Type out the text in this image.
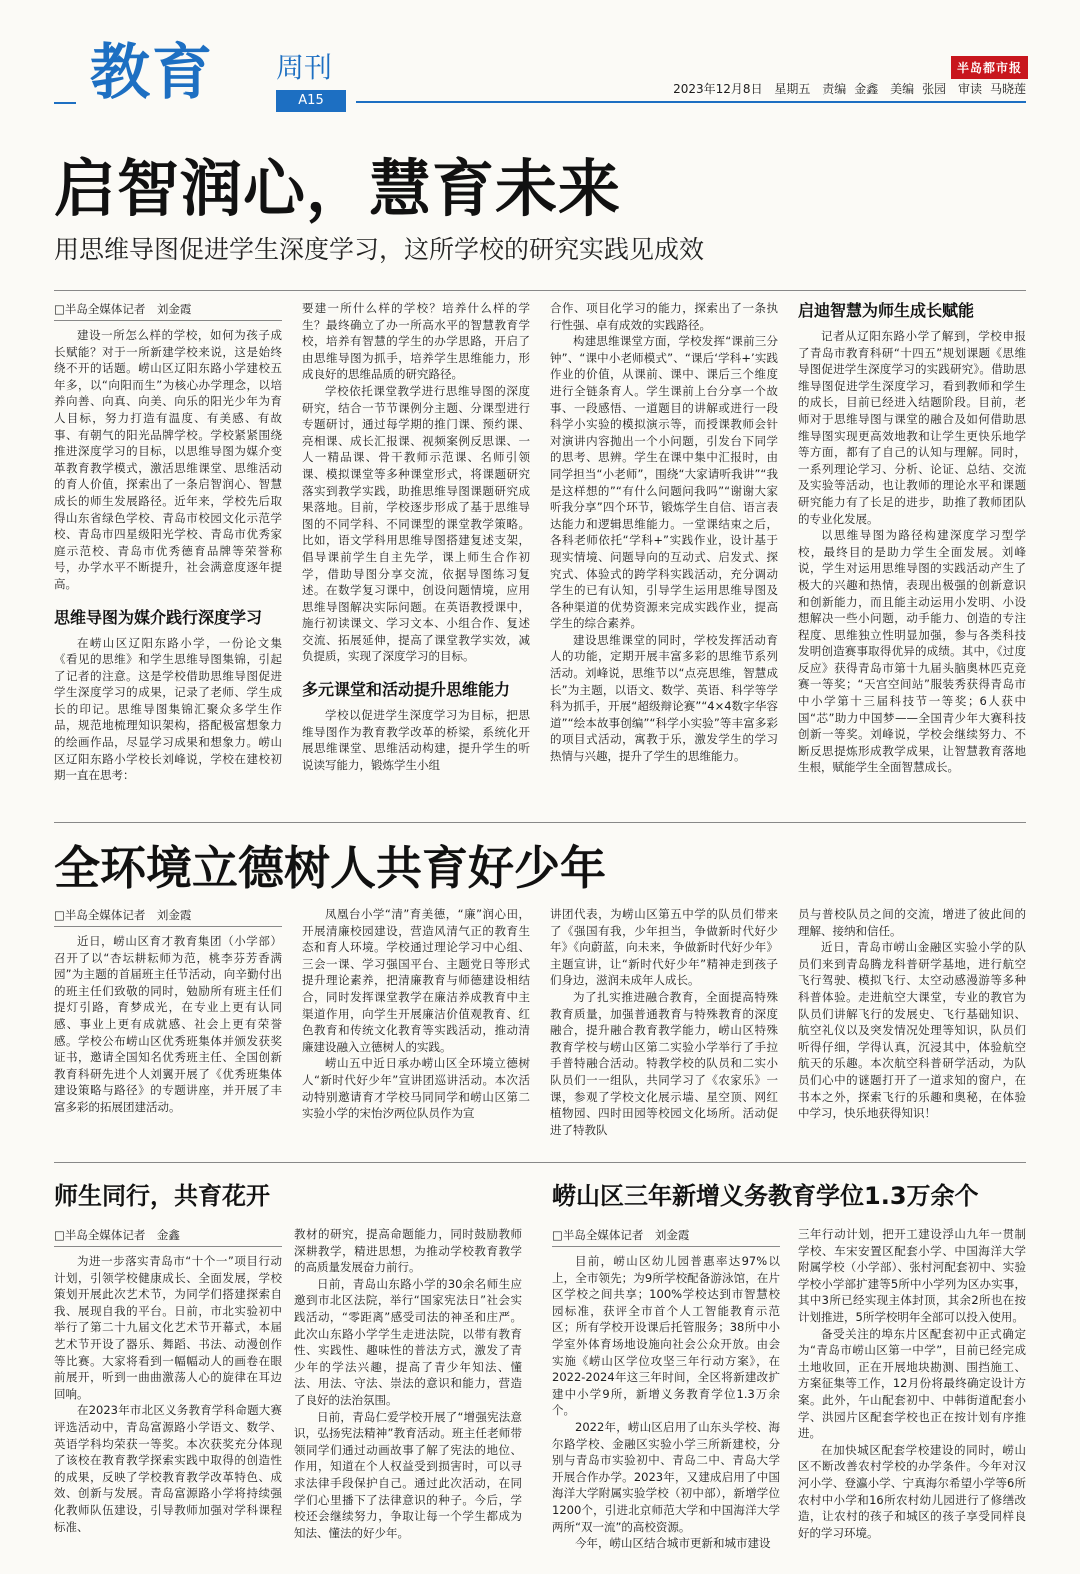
教育 周刊
A15
半岛都市报
2023年12月8日 星期五 责编 金鑫 美编 张园 审读 马晓莲
启智润心，慧育未来
用思维导图促进学生深度学习，这所学校的研究实践见成效
□半岛全媒体记者　刘金霞

建设一所怎么样的学校，如何为孩子成长赋能？对于一所新建学校来说，这是始终绕不开的话题。崂山区辽阳东路小学建校五年多，以“向阳而生”为核心办学理念，以培养向善、向真、向美、向乐的阳光少年为育人目标，努力打造有温度、有美感、有故事、有朝气的阳光品牌学校。学校紧紧围绕推进深度学习的目标，以思维导图为媒介变革教育教学模式，激活思维课堂、思维活动的育人价值，探索出了一条启智润心、智慧成长的师生发展路径。近年来，学校先后取得山东省绿色学校、青岛市校园文化示范学校、青岛市四星级阳光学校、青岛市优秀家庭示范校、青岛市优秀德育品牌等荣誉称号，办学水平不断提升，社会满意度逐年提高。

思维导图为媒介践行深度学习

在崂山区辽阳东路小学，一份论文集《看见的思维》和学生思维导图集锦，引起了记者的注意。这是学校借助思维导图促进学生深度学习的成果，记录了老师、学生成长的印记。思维导图集锦汇聚众多学生作品，规范地梳理知识架构，搭配极富想象力的绘画作品，尽显学习成果和想象力。崂山区辽阳东路小学校长刘峰说，学校在建校初期一直在思考：

要建一所什么样的学校？培养什么样的学生？最终确立了办一所高水平的智慧教育学校，培养有智慧的学生的办学思路，开启了由思维导图为抓手，培养学生思维能力，形成良好的思维品质的研究路径。

学校依托课堂教学进行思维导图的深度研究，结合一节节课例分主题、分课型进行专题研讨，通过每学期的推门课、预约课、亮相课、成长汇报课、视频案例反思课、一人一精品课、骨干教师示范课、名师引领课、模拟课堂等多种课堂形式，将课题研究落实到教学实践，助推思维导图课题研究成果落地。目前，学校逐步形成了基于思维导图的不同学科、不同课型的课堂教学策略。比如，语文学科用思维导图搭建复述支架，倡导课前学生自主先学，课上师生合作初学，借助导图分享交流，依据导图练习复述。在数学复习课中，创设问题情境，应用思维导图解决实际问题。在英语教授课中，施行初读课文、学习文本、小组合作、复述交流、拓展延伸，提高了课堂教学实效，减负提质，实现了深度学习的目标。

多元课堂和活动提升思维能力

学校以促进学生深度学习为目标，把思维导图作为教育教学改革的桥梁，系统化开展思维课堂、思维活动构建，提升学生的听说读写能力，锻炼学生小组

合作、项目化学习的能力，探索出了一条执行性强、卓有成效的实践路径。

构建思维课堂方面，学校发挥“课前三分钟”、“课中小老师模式”、“课后‘学科+’实践作业的价值，从课前、课中、课后三个维度进行全链条育人。学生课前上台分享一个故事、一段感悟、一道题目的讲解或进行一段科学小实验的模拟演示等，而授课教师会针对演讲内容抛出一个小问题，引发台下同学的思考、思辨。学生在课中集中汇报时，由同学担当“小老师”，围绕“大家请听我讲”“我是这样想的”“有什么问题问我吗”“谢谢大家听我分享”四个环节，锻炼学生自信、语言表达能力和逻辑思维能力。一堂课结束之后，各科老师依托“学科+”实践作业，设计基于现实情境、问题导向的互动式、启发式、探究式、体验式的跨学科实践活动，充分调动学生的已有认知，引导学生运用思维导图及各种渠道的优势资源来完成实践作业，提高学生的综合素养。

建设思维课堂的同时，学校发挥活动育人的功能，定期开展丰富多彩的思维节系列活动。刘峰说，思维节以“点亮思维，智慧成长”为主题，以语文、数学、英语、科学等学科为抓手，开展“超级辩论赛”“4×4数字华容道”“绘本故事创编”“科学小实验”等丰富多彩的项目式活动，寓教于乐，激发学生的学习热情与兴趣，提升了学生的思维能力。

启迪智慧为师生成长赋能

记者从辽阳东路小学了解到，学校申报了青岛市教育科研“十四五”规划课题《思维导图促进学生深度学习的实践研究》。借助思维导图促进学生深度学习，看到教师和学生的成长，目前已经进入结题阶段。目前，老师对于思维导图与课堂的融合及如何借助思维导图实现更高效地教和让学生更快乐地学等方面，都有了自己的认知与理解。同时，一系列理论学习、分析、论证、总结、交流及实验等活动，也让教师的理论水平和课题研究能力有了长足的进步，助推了教师团队的专业化发展。

以思维导图为路径构建深度学习型学校，最终目的是助力学生全面发展。刘峰说，学生对运用思维导图的实践活动产生了极大的兴趣和热情，表现出极强的创新意识和创新能力，而且能主动运用小发明、小设想解决一些小问题，动手能力、创造的专注程度、思维独立性明显加强，参与各类科技发明创造赛事取得优异的成绩。其中，《过度反应》获得青岛市第十九届头脑奥林匹克竞赛一等奖；“天宫空间站”服装秀获得青岛市中小学第十三届科技节一等奖；6人获中国“芯”助力中国梦——全国青少年大赛科技创新一等奖。刘峰说，学校会继续努力、不断反思提炼形成教学成果，让智慧教育落地生根，赋能学生全面智慧成长。

全环境立德树人共育好少年
□半岛全媒体记者　刘金霞

近日，崂山区育才教育集团（小学部）召开了以“杏坛耕耘师为范，桃李芬芳香满园”为主题的首届班主任节活动，向辛勤付出的班主任们致敬的同时，勉励所有班主任们提灯引路，育梦成光，在专业上更有认同感、事业上更有成就感、社会上更有荣誉感。学校公布崂山区优秀班集体并颁发获奖证书，邀请全国知名优秀班主任、全国创新教育科研先进个人刘翼开展了《优秀班集体建设策略与路径》的专题讲座，并开展了丰富多彩的拓展团建活动。

凤凰台小学“清”育美德，“廉”润心田，开展清廉校园建设，营造风清气正的教育生态和育人环境。学校通过理论学习中心组、三会一课、学习强国平台、主题党日等形式提升理论素养，把清廉教育与师德建设相结合，同时发挥课堂教学在廉洁养成教育中主渠道作用，向学生开展廉洁价值观教育、红色教育和传统文化教育等实践活动，推动清廉建设融入立德树人的实践。

崂山五中近日承办崂山区全环境立德树人“新时代好少年”宣讲团巡讲活动。本次活动特别邀请育才学校马同同学和崂山区第二实验小学的宋怡汐两位队员作为宣

讲团代表，为崂山区第五中学的队员们带来了《强国有我，少年担当，争做新时代好少年》《向蔚蓝，向未来，争做新时代好少年》主题宣讲，让“新时代好少年”精神走到孩子们身边，滋润未成年人成长。

为了扎实推进融合教育，全面提高特殊教育质量，加强普通教育与特殊教育的深度融合，提升融合教育教学能力，崂山区特殊教育学校与崂山区第二实验小学举行了手拉手普特融合活动。特教学校的队员和二实小队员们一一组队，共同学习了《农家乐》一课，参观了学校文化展示墙、星空顶、网红植物园、四时田园等校园文化场所。活动促进了特教队

员与普校队员之间的交流，增进了彼此间的理解、接纳和信任。

近日，青岛市崂山金融区实验小学的队员们来到青岛腾龙科普研学基地，进行航空飞行驾驶、模拟飞行、太空动感漫游等多种科普体验。走进航空大课堂，专业的教官为队员们讲解飞行的发展史、飞行基础知识、航空礼仪以及突发情况处理等知识，队员们听得仔细，学得认真，沉浸其中，体验航空航天的乐趣。本次航空科普研学活动，为队员们心中的谜题打开了一道求知的窗户，在书本之外，探索飞行的乐趣和奥秘，在体验中学习，快乐地获得知识！

师生同行，共育花开
□半岛全媒体记者　金鑫

为进一步落实青岛市“十个一”项目行动计划，引领学校健康成长、全面发展，学校策划开展此次艺术节，为同学们搭建探索自我、展现自我的平台。日前，市北实验初中举行了第二十九届文化艺术节开幕式，本届艺术节开设了器乐、舞蹈、书法、动漫创作等比赛。大家将看到一幅幅动人的画卷在眼前展开，听到一曲曲激荡人心的旋律在耳边回响。

在2023年市北区义务教育学科命题大赛评选活动中，青岛富源路小学语文、数学、英语学科均荣获一等奖。本次获奖充分体现了该校在教育教学探索实践中取得的创造性的成果，反映了学校教育教学改革特色、成效、创新与发展。青岛富源路小学将持续强化教师队伍建设，引导教师加强对学科课程标准、

教材的研究，提高命题能力，同时鼓励教师深耕教学，精进思想，为推动学校教育教学的高质量发展奋力前行。

日前，青岛山东路小学的30余名师生应邀到市北区法院，举行“国家宪法日”社会实践活动，“零距离”感受司法的神圣和庄严。此次山东路小学学生走进法院，以带有教育性、实践性、趣味性的普法方式，激发了青少年的学法兴趣，提高了青少年知法、懂法、用法、守法、崇法的意识和能力，营造了良好的法治氛围。

日前，青岛仁爱学校开展了“增强宪法意识，弘扬宪法精神”教育活动。班主任老师带领同学们通过动画故事了解了宪法的地位、作用，知道在个人权益受到损害时，可以寻求法律手段保护自己。通过此次活动，在同学们心里播下了法律意识的种子。今后，学校还会继续努力，争取让每一个学生都成为知法、懂法的好少年。

崂山区三年新增义务教育学位1.3万余个
□半岛全媒体记者　刘金霞

目前，崂山区幼儿园普惠率达97%以上，全市领先；为9所学校配备游泳馆，在片区学校之间共享；100%学校达到市智慧校园标准，获评全市首个人工智能教育示范区；所有学校开设课后托管服务；38所中小学室外体育场地设施向社会公众开放。由会实施《崂山区学位攻坚三年行动方案》，在2022-2024年这三年时间，全区将新建改扩建中小学9所，新增义务教育学位1.3万余个。

2022年，崂山区启用了山东头学校、海尔路学校、金融区实验小学三所新建校，分别与青岛市实验初中、青岛二中、青岛大学开展合作办学。2023年，又建成启用了中国海洋大学附属实验学校（初中部），新增学位1200个，引进北京师范大学和中国海洋大学两所“双一流”的高校资源。

今年，崂山区结合城市更新和城市建设

三年行动计划，把开工建设浮山九年一贯制学校、车宋安置区配套小学、中国海洋大学附属学校（小学部）、张村河配套初中、实验学校小学部扩建等5所中小学列为区办实事，其中3所已经实现主体封顶，其余2所也在按计划推进，5所学校明年全部可以投入使用。

备受关注的埠东片区配套初中正式确定为“青岛市崂山区第一中学”，目前已经完成土地收回，正在开展地块勘测、围挡施工、方案征集等工作，12月份将最终确定设计方案。此外，午山配套初中、中韩街道配套小学、洪园片区配套学校也正在按计划有序推进。

在加快城区配套学校建设的同时，崂山区不断改善农村学校的办学条件。今年对汉河小学、登瀛小学、宁真海尔希望小学等6所农村中小学和16所农村幼儿园进行了修缮改造，让农村的孩子和城区的孩子享受同样良好的学习环境。
